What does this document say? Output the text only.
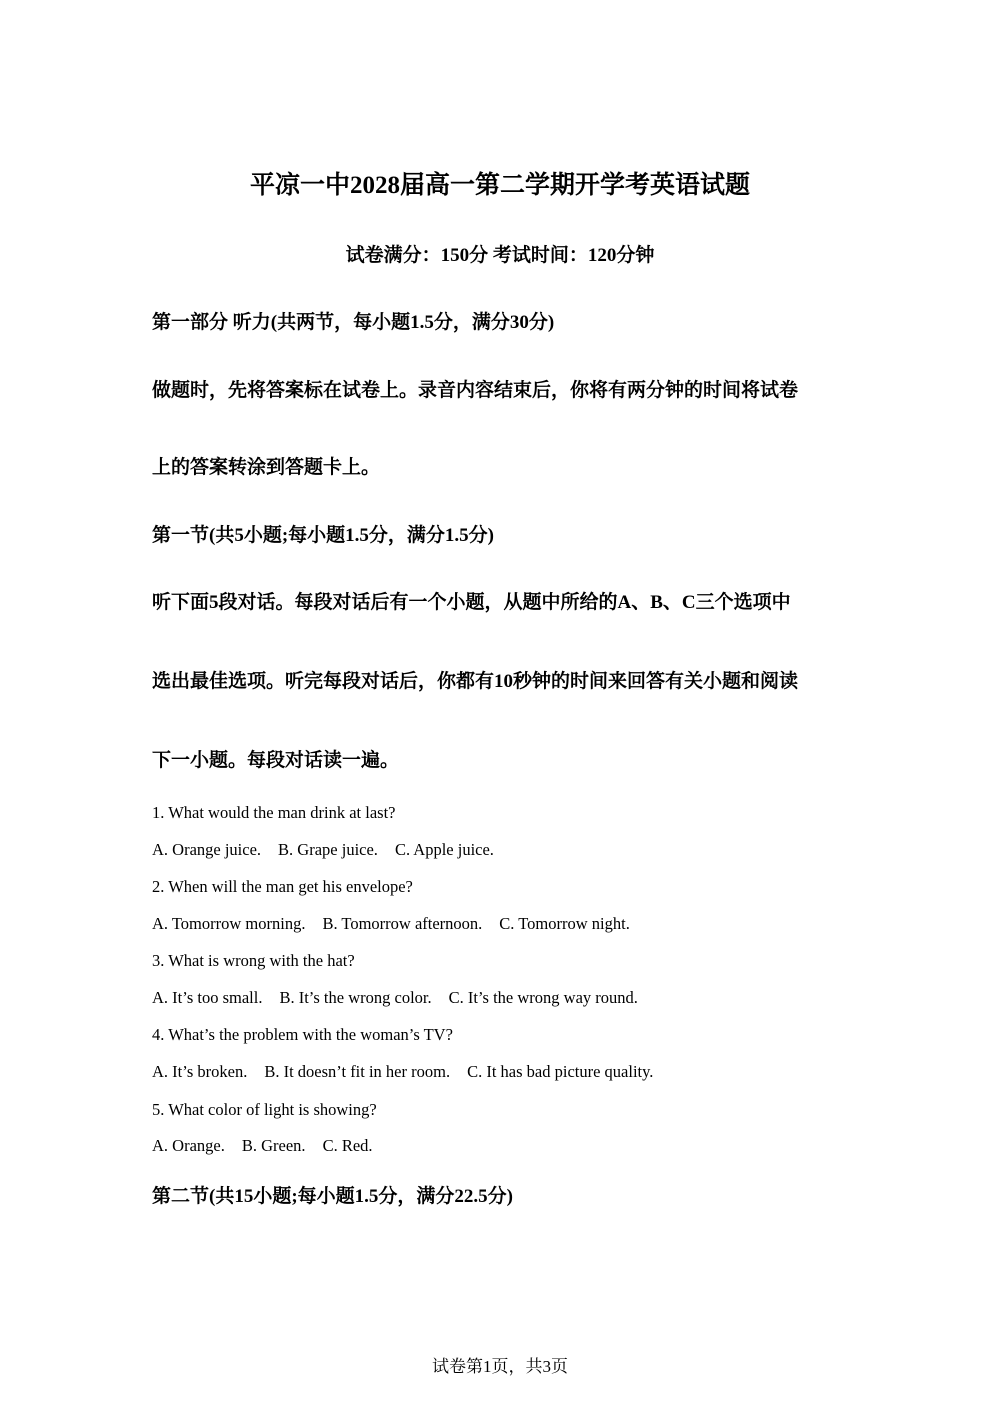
平凉一中2028届高一第二学期开学考英语试题
试卷满分：150分 考试时间：120分钟
第一部分 听力(共两节，每小题1.5分，满分30分)
做题时，先将答案标在试卷上。录音内容结束后，你将有两分钟的时间将试卷
上的答案转涂到答题卡上。
第一节(共5小题;每小题1.5分，满分1.5分)
听下面5段对话。每段对话后有一个小题，从题中所给的A、B、C三个选项中
选出最佳选项。听完每段对话后，你都有10秒钟的时间来回答有关小题和阅读
下一小题。每段对话读一遍。
1. What would the man drink at last?
A. Orange juice. B. Grape juice. C. Apple juice.
2. When will the man get his envelope?
A. Tomorrow morning. B. Tomorrow afternoon. C. Tomorrow night.
3. What is wrong with the hat?
A. It’s too small. B. It’s the wrong color. C. It’s the wrong way round.
4. What’s the problem with the woman’s TV?
A. It’s broken. B. It doesn’t fit in her room. C. It has bad picture quality.
5. What color of light is showing?
A. Orange. B. Green. C. Red.
第二节(共15小题;每小题1.5分，满分22.5分)
试卷第1页，共3页
